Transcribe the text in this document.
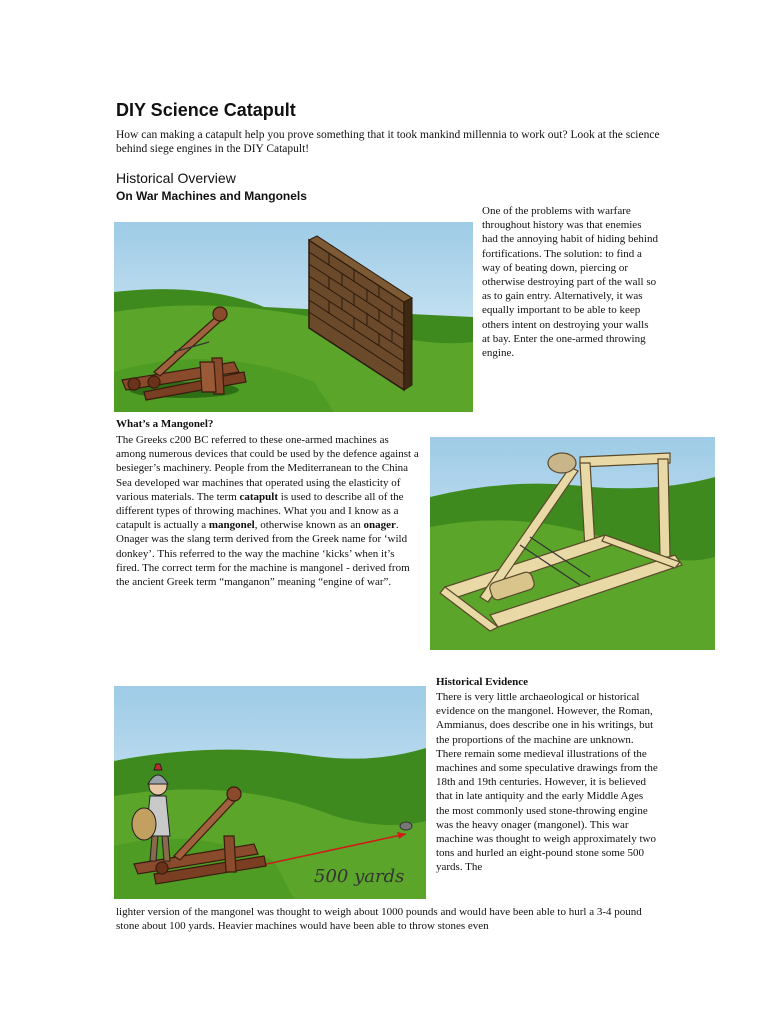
DIY Science Catapult
How can making a catapult help you prove something that it took mankind millennia to work out? Look at the science behind siege engines in the DIY Catapult!
Historical Overview
On War Machines and Mangonels
One of the problems with warfare throughout history was that enemies had the annoying habit of hiding behind fortifications. The solution: to find a way of beating down, piercing or otherwise destroying part of the wall so as to gain entry. Alternatively, it was equally important to be able to keep others intent on destroying your walls at bay. Enter the one-armed throwing engine.
What’s a Mangonel?
The Greeks c200 BC referred to these one-armed machines as among numerous devices that could be used by the defence against a besieger’s machinery. People from the Mediterranean to the China Sea developed war machines that operated using the elasticity of various materials. The term catapult is used to describe all of the different types of throwing machines. What you and I know as a catapult is actually a mangonel, otherwise known as an onager. Onager was the slang term derived from the Greek name for ‘wild donkey’. This referred to the way the machine ‘kicks’ when it’s fired. The correct term for the machine is mangonel - derived from the ancient Greek term “manganon” meaning “engine of war”.
Historical Evidence
There is very little archaeological or historical evidence on the mangonel. However, the Roman, Ammianus, does describe one in his writings, but the proportions of the machine are unknown. There remain some medieval illustrations of the machines and some speculative drawings from the 18th and 19th centuries. However, it is believed that in late antiquity and the early Middle Ages the most commonly used stone-throwing engine was the heavy onager (mangonel). This war machine was thought to weigh approximately two tons and hurled an eight-pound stone some 500 yards. The
500 yards
lighter version of the mangonel was thought to weigh about 1000 pounds and would have been able to hurl a 3-4 pound stone about 100 yards. Heavier machines would have been able to throw stones even
